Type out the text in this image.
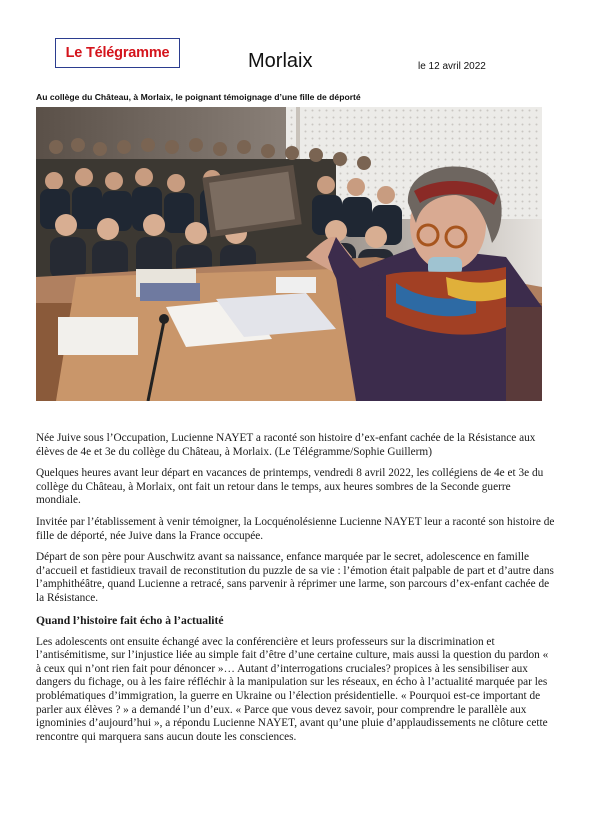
Le Télégramme	Morlaix	le 12 avril 2022
Au collège du Château, à Morlaix, le poignant témoignage d’une fille de déporté

Née Juive sous l’Occupation, Lucienne NAYET a raconté son histoire d’ex-enfant cachée de la Résistance aux élèves de 4e et 3e du collège du Château, à Morlaix. (Le Télégramme/Sophie Guillerm)

Quelques heures avant leur départ en vacances de printemps, vendredi 8 avril 2022, les collégiens de 4e et 3e du collège du Château, à Morlaix, ont fait un retour dans le temps, aux heures sombres de la Seconde guerre mondiale.

Invitée par l’établissement à venir témoigner, la Locquénolésienne Lucienne NAYET leur a raconté son histoire de fille de déporté, née Juive dans la France occupée.

Départ de son père pour Auschwitz avant sa naissance, enfance marquée par le secret, adolescence en famille d’accueil et fastidieux travail de reconstitution du puzzle de sa vie : l’émotion était palpable de part et d’autre dans l’amphithéâtre, quand Lucienne a retracé, sans parvenir à réprimer une larme, son parcours d’ex-enfant cachée de la Résistance.

Quand l’histoire fait écho à l’actualité

Les adolescents ont ensuite échangé avec la conférencière et leurs professeurs sur la discrimination et l’antisémitisme, sur l’injustice liée au simple fait d’être d’une certaine culture, mais aussi la question du pardon « à ceux qui n’ont rien fait pour dénoncer »… Autant d’interrogations cruciales? propices à les sensibiliser aux dangers du fichage, ou à les faire réfléchir à la manipulation sur les réseaux, en écho à l’actualité marquée par les problématiques d’immigration, la guerre en Ukraine ou l’élection présidentielle. « Pourquoi est-ce important de parler aux élèves ? » a demandé l’un d’eux. « Parce que vous devez savoir, pour comprendre le parallèle aux ignominies d’aujourd’hui », a répondu Lucienne NAYET, avant qu’une pluie d’applaudissements ne clôture cette rencontre qui marquera sans aucun doute les consciences.
